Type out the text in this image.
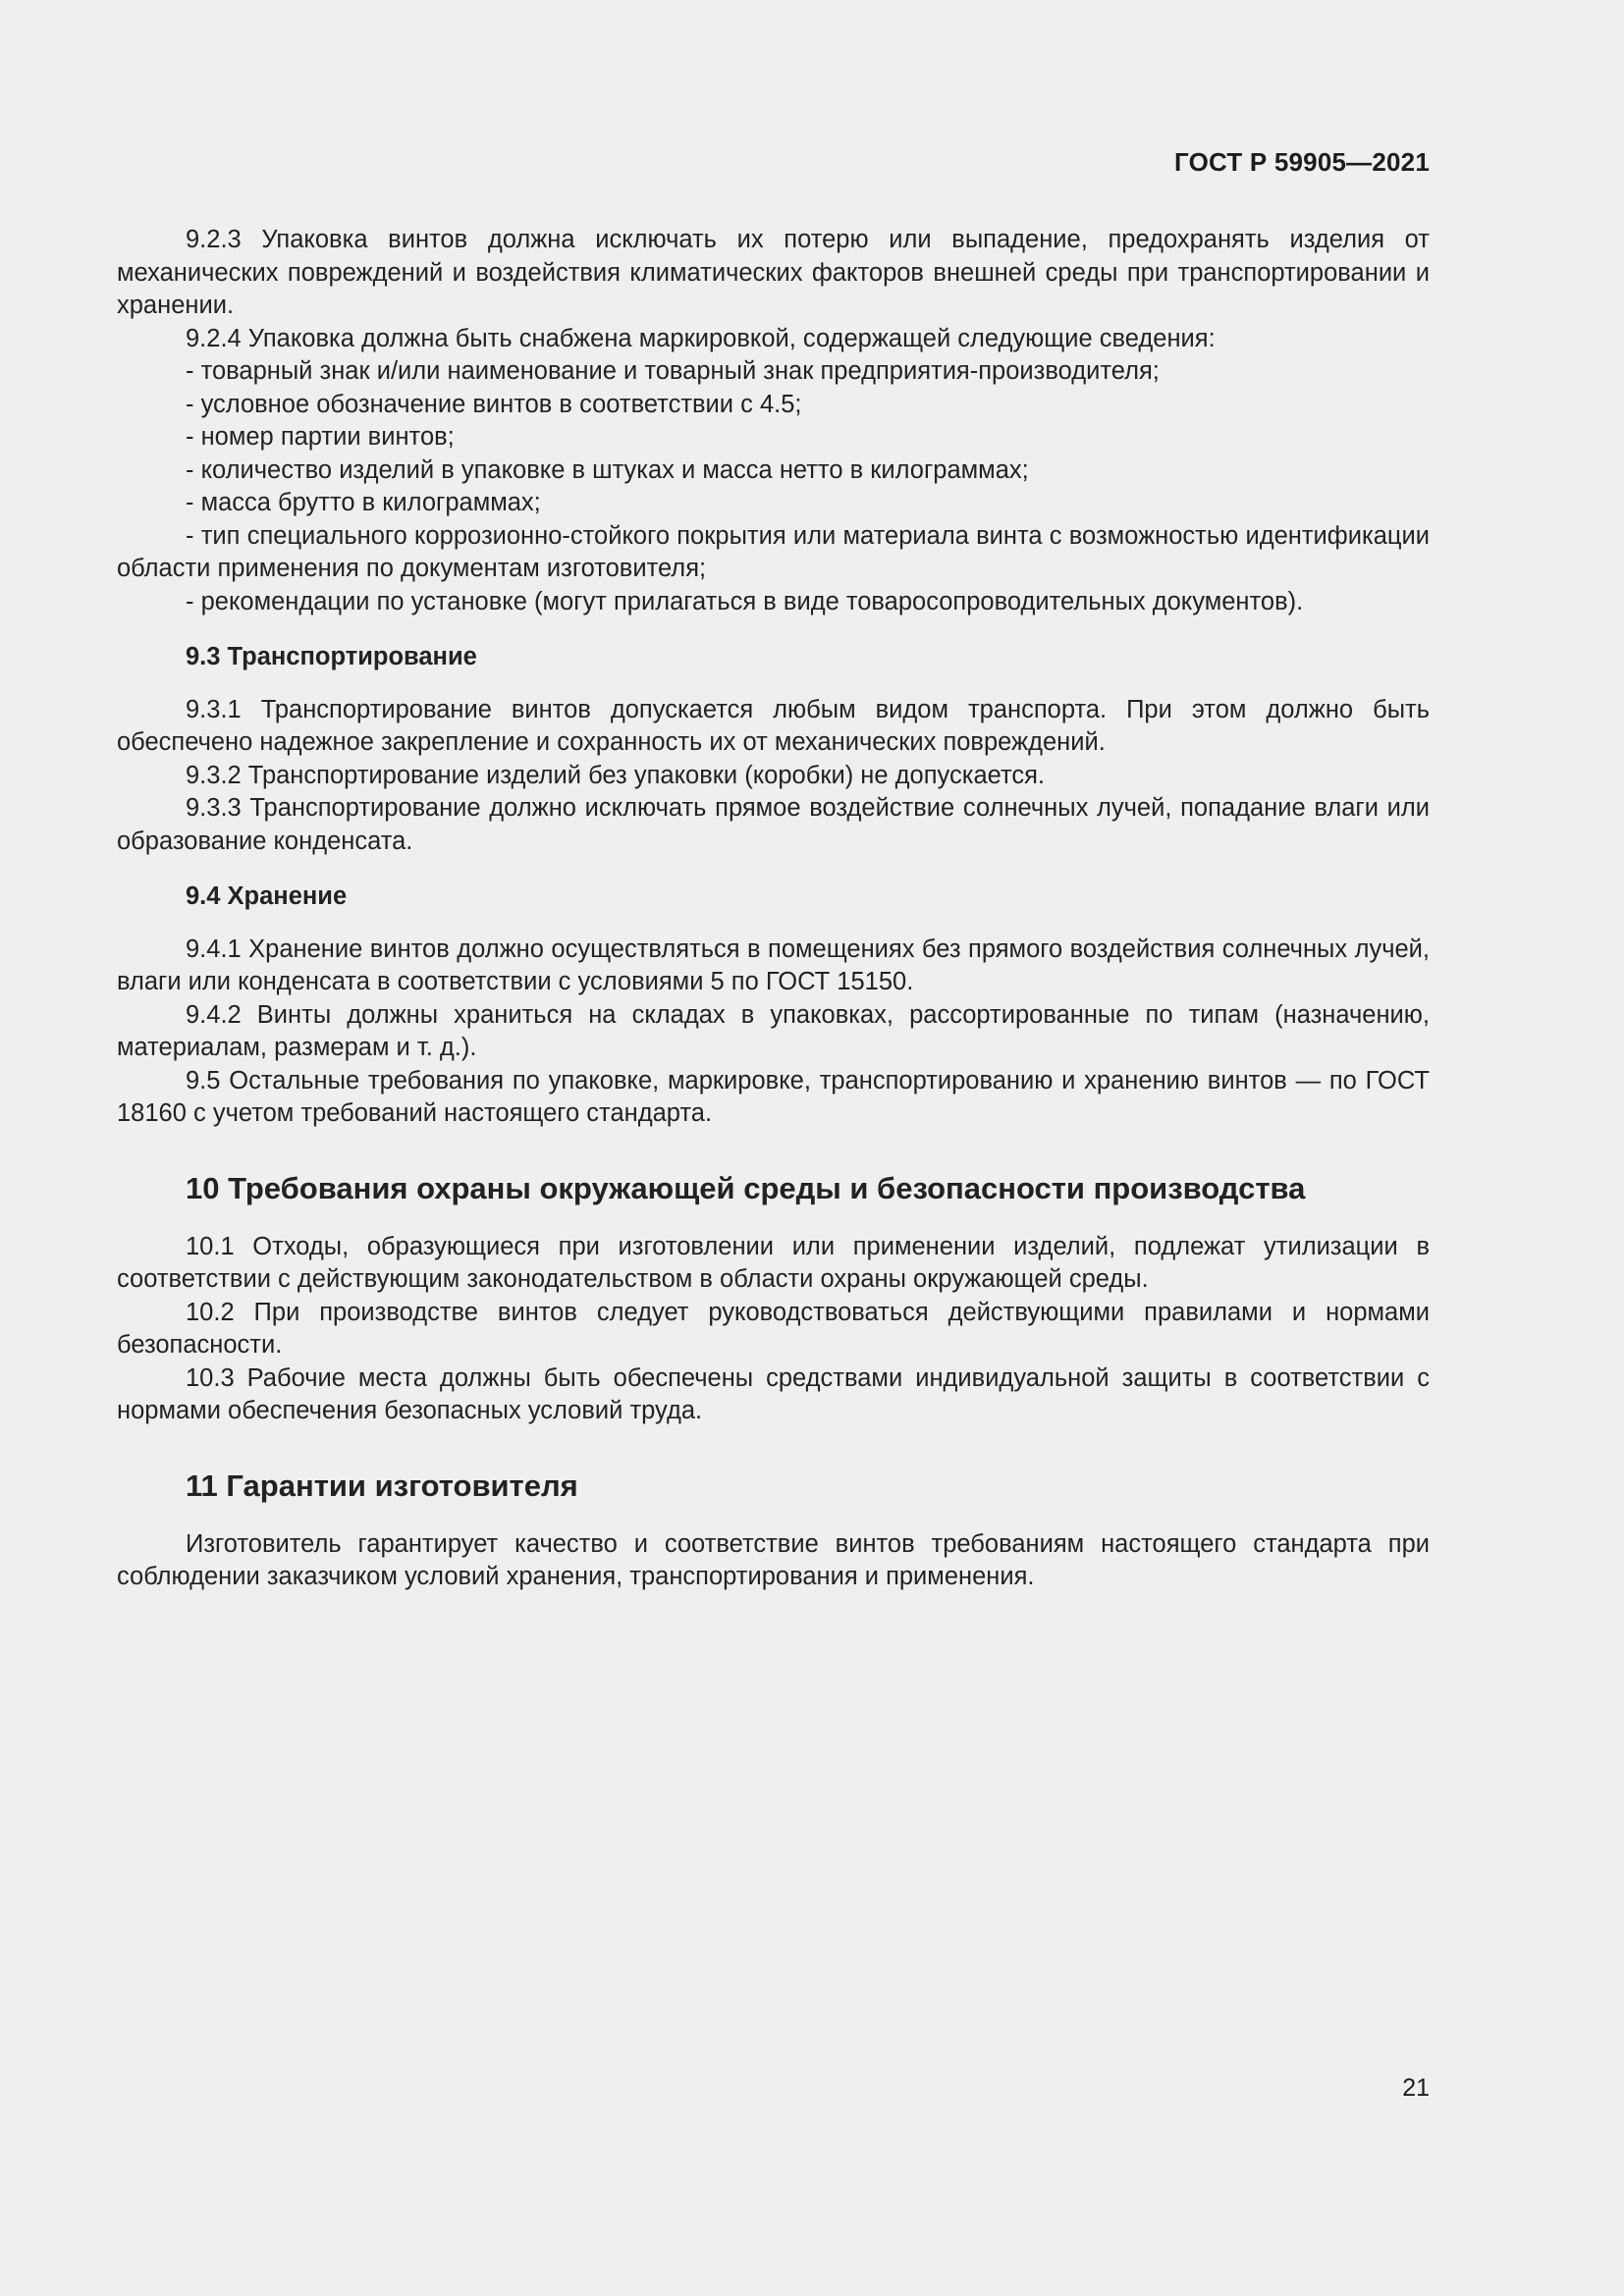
ГОСТ Р 59905—2021

9.2.3 Упаковка винтов должна исключать их потерю или выпадение, предохранять изделия от механических повреждений и воздействия климатических факторов внешней среды при транспортировании и хранении.

9.2.4 Упаковка должна быть снабжена маркировкой, содержащей следующие сведения:

- товарный знак и/или наименование и товарный знак предприятия-производителя;

- условное обозначение винтов в соответствии с 4.5;

- номер партии винтов;

- количество изделий в упаковке в штуках и масса нетто в килограммах;

- масса брутто в килограммах;

- тип специального коррозионно-стойкого покрытия или материала винта с возможностью идентификации области применения по документам изготовителя;

- рекомендации по установке (могут прилагаться в виде товаросопроводительных документов).

9.3 Транспортирование

9.3.1 Транспортирование винтов допускается любым видом транспорта. При этом должно быть обеспечено надежное закрепление и сохранность их от механических повреждений.

9.3.2 Транспортирование изделий без упаковки (коробки) не допускается.

9.3.3 Транспортирование должно исключать прямое воздействие солнечных лучей, попадание влаги или образование конденсата.

9.4 Хранение

9.4.1 Хранение винтов должно осуществляться в помещениях без прямого воздействия солнечных лучей, влаги или конденсата в соответствии с условиями 5 по ГОСТ 15150.

9.4.2 Винты должны храниться на складах в упаковках, рассортированные по типам (назначению, материалам, размерам и т. д.).

9.5 Остальные требования по упаковке, маркировке, транспортированию и хранению винтов — по ГОСТ 18160 с учетом требований настоящего стандарта.

10 Требования охраны окружающей среды и безопасности производства

10.1 Отходы, образующиеся при изготовлении или применении изделий, подлежат утилизации в соответствии с действующим законодательством в области охраны окружающей среды.

10.2 При производстве винтов следует руководствоваться действующими правилами и нормами безопасности.

10.3 Рабочие места должны быть обеспечены средствами индивидуальной защиты в соответствии с нормами обеспечения безопасных условий труда.

11 Гарантии изготовителя

Изготовитель гарантирует качество и соответствие винтов требованиям настоящего стандарта при соблюдении заказчиком условий хранения, транспортирования и применения.

21
